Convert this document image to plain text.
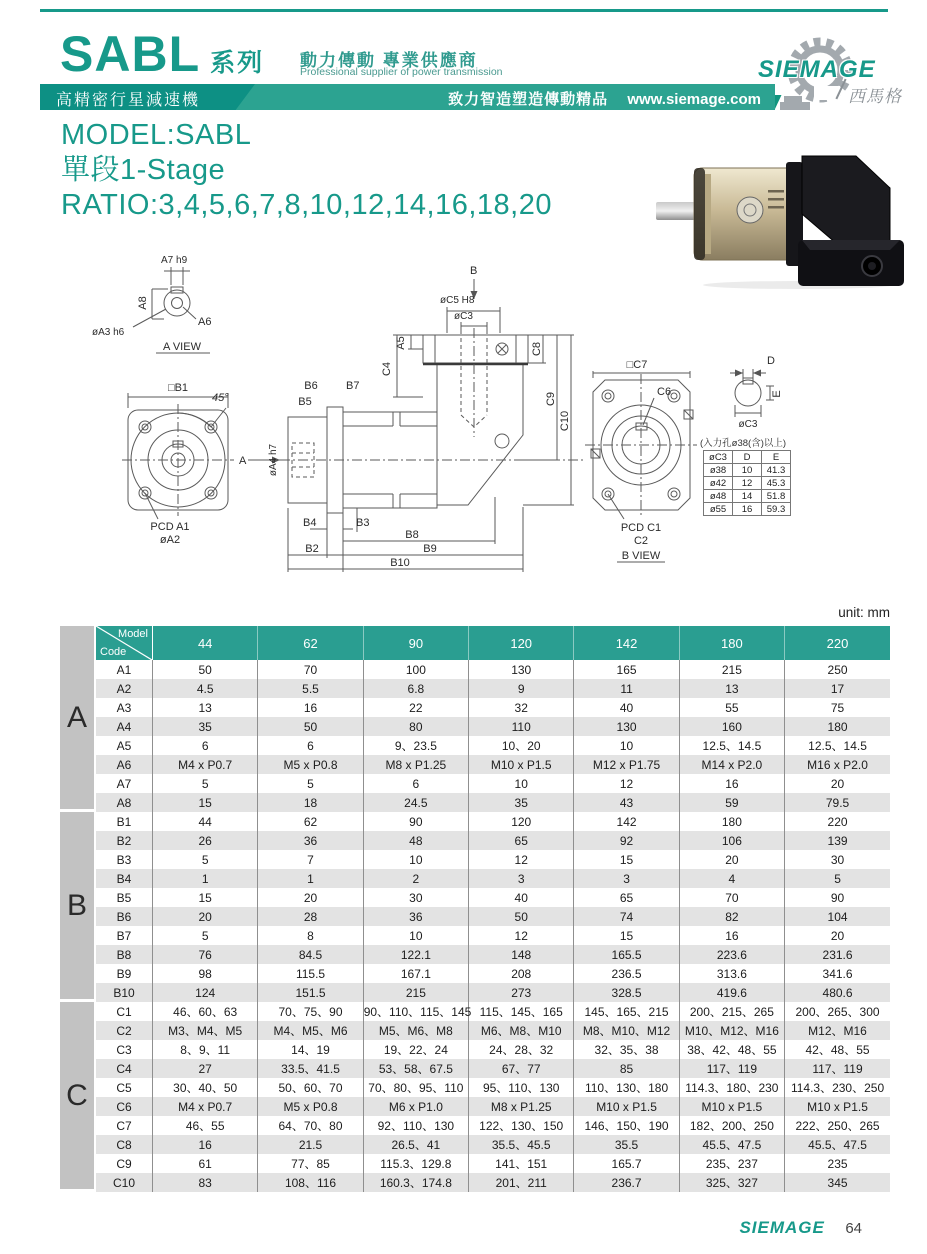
SABL 系列 動力傳動 專業供應商
Professional supplier of power transmission
高精密行星減速機	致力智造塑造傳動精品 www.siemage.com
SIEMAGE
西馬格
MODEL:SABL
單段1-Stage
RATIO:3,4,5,6,7,8,10,12,14,16,18,20
A7 h9
A8
øA3 h6
A6
A VIEW
□B1
45°
PCD A1
øA2
A
B6
B5
B7
øA4 h7
B4	B3
B8
B2	B9
B10
B
øC5 H8
øC3
A5
C4
C8
C9
C10
□C7
C6
PCD C1
C2
B VIEW
D
E
øC3
(入力孔ø38(含)以上)
øC3	D	E
ø38	10	41.3
ø42	12	45.3
ø48	14	51.8
ø55	16	59.3
unit: mm
A
B
C
Model
Code	44	62	90	120	142	180	220
A1	50	70	100	130	165	215	250
A2	4.5	5.5	6.8	9	11	13	17
A3	13	16	22	32	40	55	75
A4	35	50	80	110	130	160	180
A5	6	6	9、23.5	10、20	10	12.5、14.5	12.5、14.5
A6	M4 x P0.7	M5 x P0.8	M8 x P1.25	M10 x P1.5	M12 x P1.75	M14 x P2.0	M16 x P2.0
A7	5	5	6	10	12	16	20
A8	15	18	24.5	35	43	59	79.5
B1	44	62	90	120	142	180	220
B2	26	36	48	65	92	106	139
B3	5	7	10	12	15	20	30
B4	1	1	2	3	3	4	5
B5	15	20	30	40	65	70	90
B6	20	28	36	50	74	82	104
B7	5	8	10	12	15	16	20
B8	76	84.5	122.1	148	165.5	223.6	231.6
B9	98	115.5	167.1	208	236.5	313.6	341.6
B10	124	151.5	215	273	328.5	419.6	480.6
C1	46、60、63	70、75、90	90、110、115、145	115、145、165	145、165、215	200、215、265	200、265、300
C2	M3、M4、M5	M4、M5、M6	M5、M6、M8	M6、M8、M10	M8、M10、M12	M10、M12、M16	M12、M16
C3	8、9、11	14、19	19、22、24	24、28、32	32、35、38	38、42、48、55	42、48、55
C4	27	33.5、41.5	53、58、67.5	67、77	85	117、119	117、119
C5	30、40、50	50、60、70	70、80、95、110	95、110、130	110、130、180	114.3、180、230	114.3、230、250
C6	M4 x P0.7	M5 x P0.8	M6 x P1.0	M8 x P1.25	M10 x P1.5	M10 x P1.5	M10 x P1.5
C7	46、55	64、70、80	92、110、130	122、130、150	146、150、190	182、200、250	222、250、265
C8	16	21.5	26.5、41	35.5、45.5	35.5	45.5、47.5	45.5、47.5
C9	61	77、85	115.3、129.8	141、151	165.7	235、237	235
C10	83	108、116	160.3、174.8	201、211	236.7	325、327	345
SIEMAGE 64
